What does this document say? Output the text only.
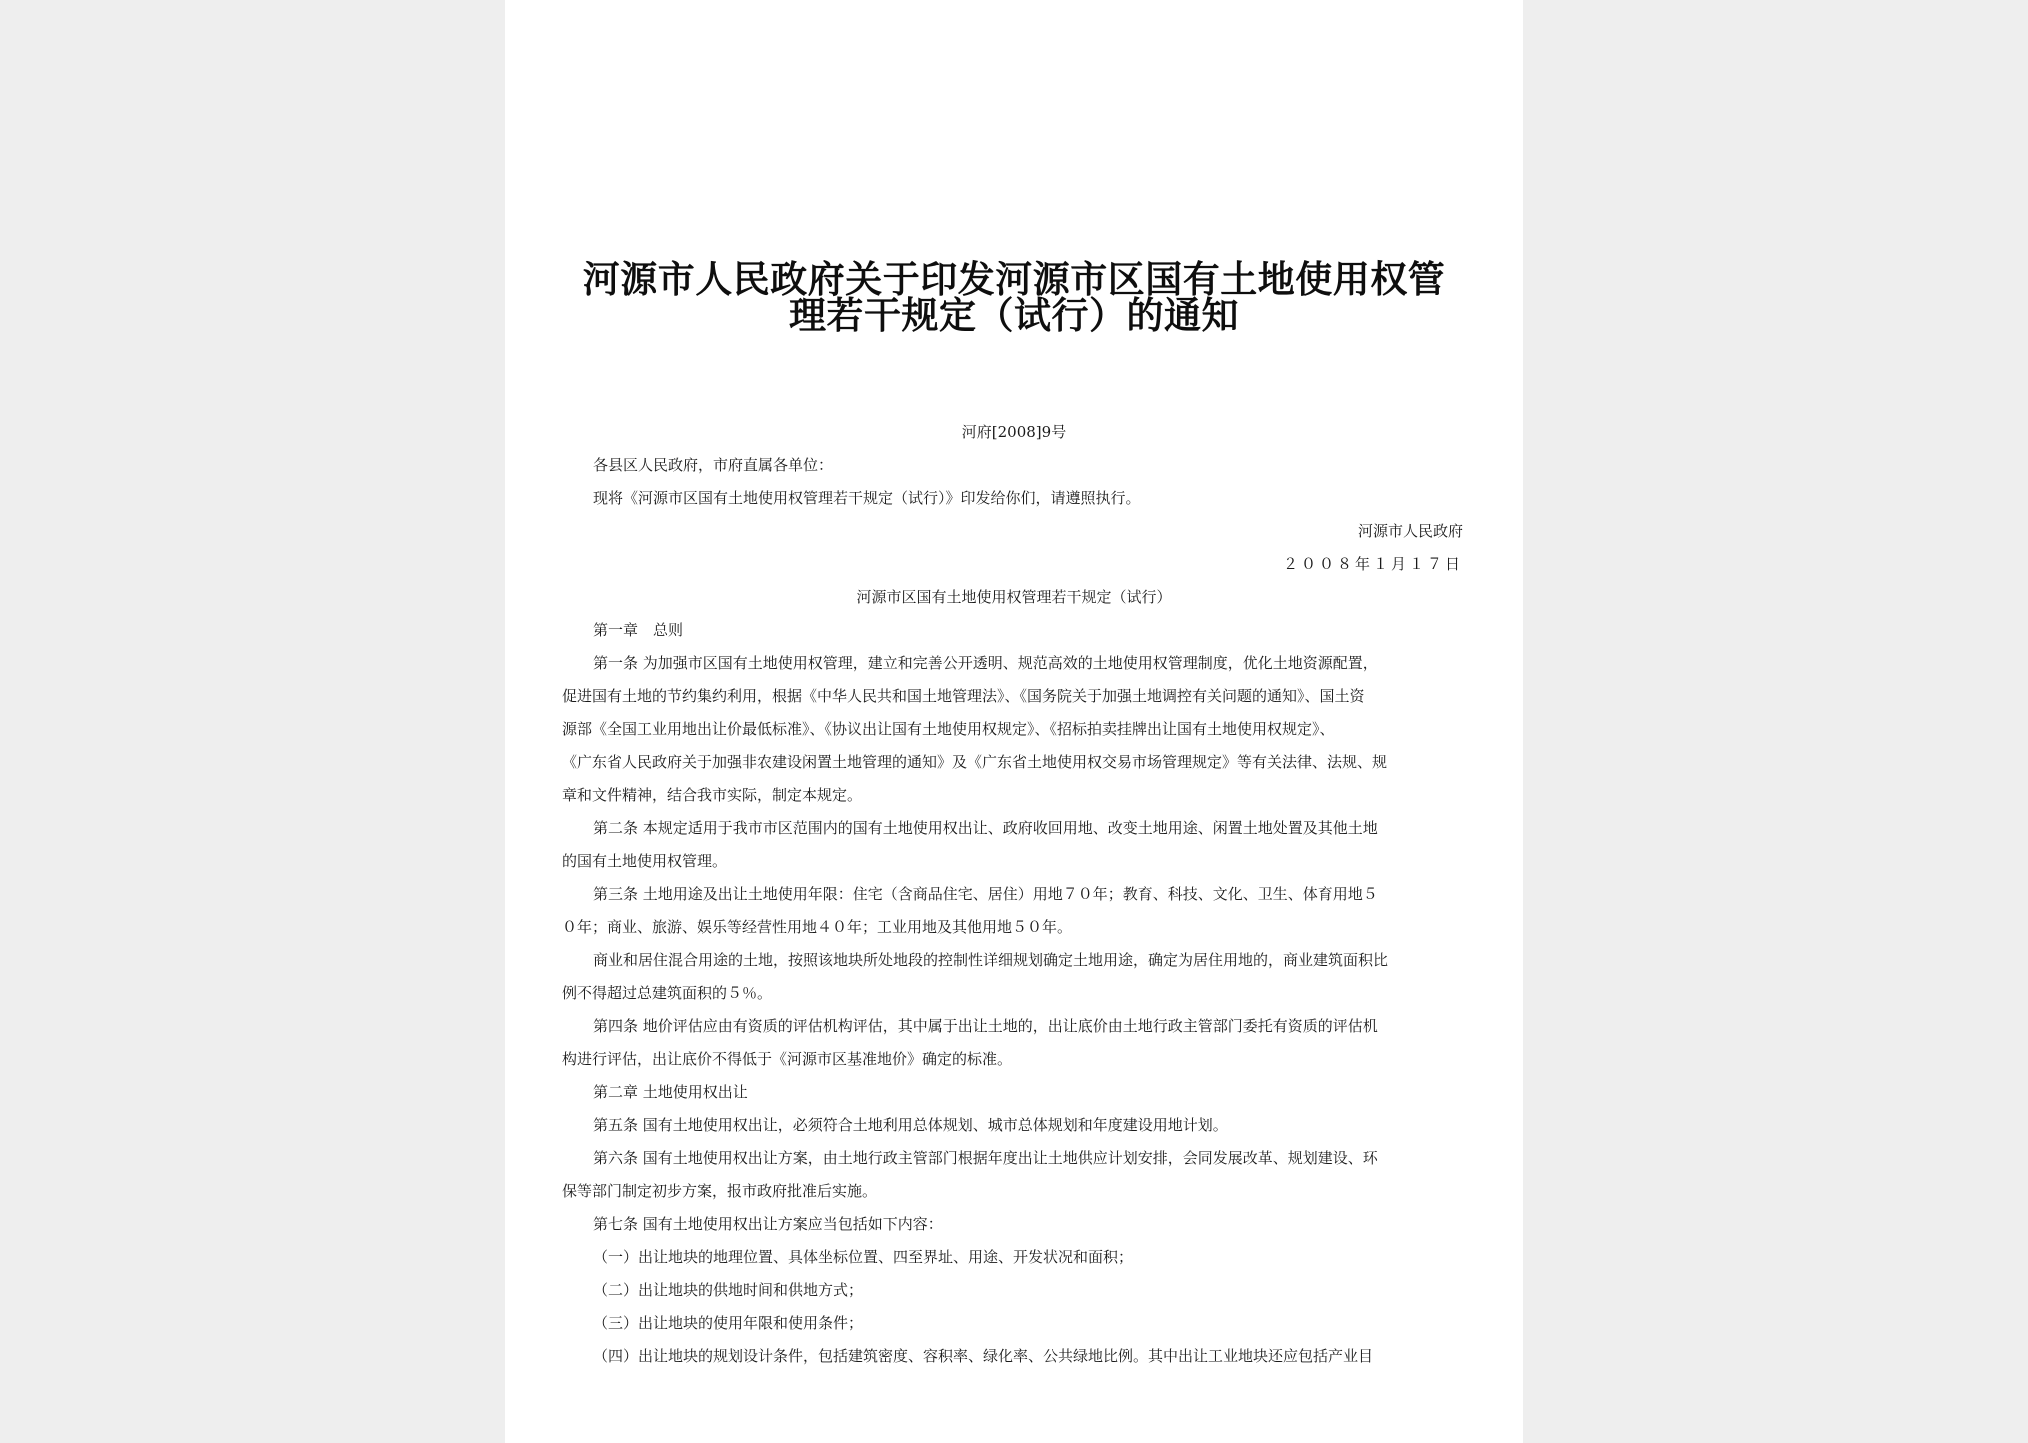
河源市人民政府关于印发河源市区国有土地使用权管
理若干规定（试行）的通知
河府[2008]9号
各县区人民政府，市府直属各单位：
现将《河源市区国有土地使用权管理若干规定（试行）》印发给你们，请遵照执行。
河源市人民政府
２００８年１月１７日
河源市区国有土地使用权管理若干规定（试行）
第一章　总则
第一条 为加强市区国有土地使用权管理，建立和完善公开透明、规范高效的土地使用权管理制度，优化土地资源配置，
促进国有土地的节约集约利用，根据《中华人民共和国土地管理法》、《国务院关于加强土地调控有关问题的通知》、国土资
源部《全国工业用地出让价最低标准》、《协议出让国有土地使用权规定》、《招标拍卖挂牌出让国有土地使用权规定》、
《广东省人民政府关于加强非农建设闲置土地管理的通知》及《广东省土地使用权交易市场管理规定》等有关法律、法规、规
章和文件精神，结合我市实际，制定本规定。
第二条 本规定适用于我市市区范围内的国有土地使用权出让、政府收回用地、改变土地用途、闲置土地处置及其他土地
的国有土地使用权管理。
第三条 土地用途及出让土地使用年限：住宅（含商品住宅、居住）用地７０年；教育、科技、文化、卫生、体育用地５
０年；商业、旅游、娱乐等经营性用地４０年；工业用地及其他用地５０年。
商业和居住混合用途的土地，按照该地块所处地段的控制性详细规划确定土地用途，确定为居住用地的，商业建筑面积比
例不得超过总建筑面积的５％。
第四条 地价评估应由有资质的评估机构评估，其中属于出让土地的，出让底价由土地行政主管部门委托有资质的评估机
构进行评估，出让底价不得低于《河源市区基准地价》确定的标准。
第二章 土地使用权出让
第五条 国有土地使用权出让，必须符合土地利用总体规划、城市总体规划和年度建设用地计划。
第六条 国有土地使用权出让方案，由土地行政主管部门根据年度出让土地供应计划安排，会同发展改革、规划建设、环
保等部门制定初步方案，报市政府批准后实施。
第七条 国有土地使用权出让方案应当包括如下内容：
（一）出让地块的地理位置、具体坐标位置、四至界址、用途、开发状况和面积；
（二）出让地块的供地时间和供地方式；
（三）出让地块的使用年限和使用条件；
（四）出让地块的规划设计条件，包括建筑密度、容积率、绿化率、公共绿地比例。其中出让工业地块还应包括产业目
